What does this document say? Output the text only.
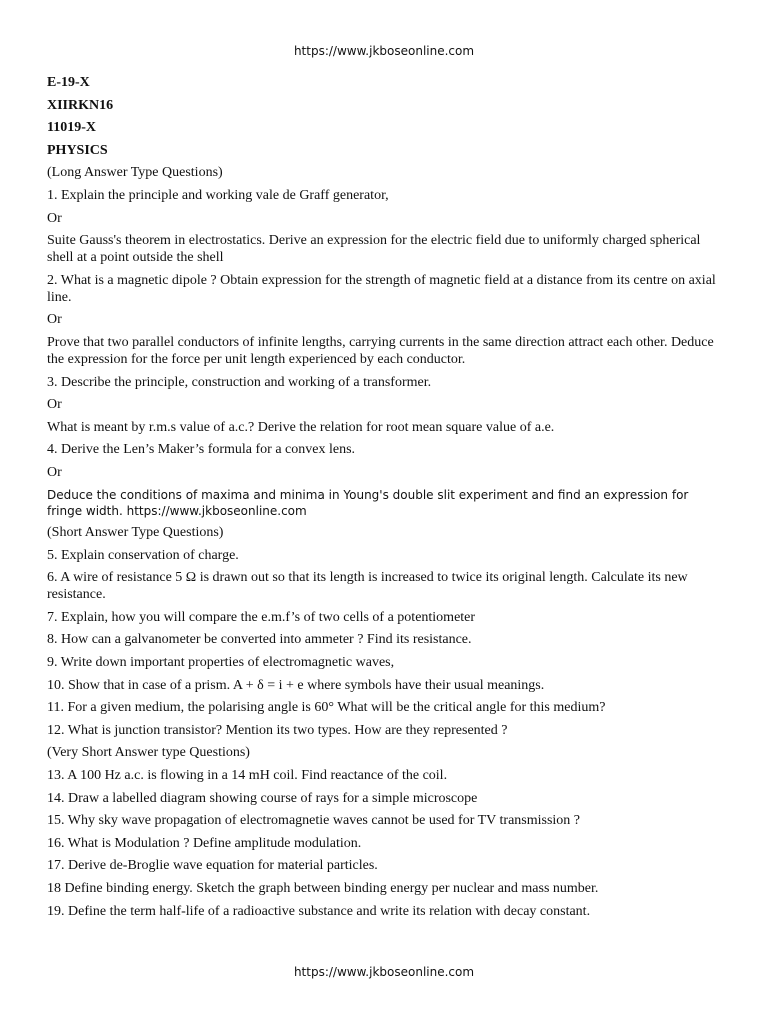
https://www.jkboseonline.com

E-19-X

XIIRKN16

11019-X

PHYSICS

(Long Answer Type Questions)

1. Explain the principle and working vale de Graff generator,

Or

Suite Gauss's theorem in electrostatics. Derive an expression for the electric field due to uniformly charged spherical shell at a point outside the shell

2. What is a magnetic dipole ? Obtain expression for the strength of magnetic field at a distance from its centre on axial line.

Or

Prove that two parallel conductors of infinite lengths, carrying currents in the same direction attract each other. Deduce the expression for the force per unit length experienced by each conductor.

3. Describe the principle, construction and working of a transformer.

Or

What is meant by r.m.s value of a.c.? Derive the relation for root mean square value of a.e.

4. Derive the Len’s Maker’s formula for a convex lens.

Or

Deduce the conditions of maxima and minima in Young's double slit experiment and find an expression for fringe width. https://www.jkboseonline.com

(Short Answer Type Questions)

5. Explain conservation of charge.

6. A wire of resistance 5 Ω is drawn out so that its length is increased to twice its original length. Calculate its new resistance.

7. Explain, how you will compare the e.m.f’s of two cells of a potentiometer

8. How can a galvanometer be converted into ammeter ? Find its resistance.

9. Write down important properties of electromagnetic waves,

10. Show that in case of a prism. A + δ = i + e where symbols have their usual meanings.

11. For a given medium, the polarising angle is 60° What will be the critical angle for this medium?

12. What is junction transistor? Mention its two types. How are they represented ?

(Very Short Answer type Questions)

13. A 100 Hz a.c. is flowing in a 14 mH coil. Find reactance of the coil.

14. Draw a labelled diagram showing course of rays for a simple microscope

15. Why sky wave propagation of electromagnetie waves cannot be used for TV transmission ?

16. What is Modulation ? Define amplitude modulation.

17. Derive de-Broglie wave equation for material particles.

18 Define binding energy. Sketch the graph between binding energy per nuclear and mass number.

19. Define the term half-life of a radioactive substance and write its relation with decay constant.

https://www.jkboseonline.com
